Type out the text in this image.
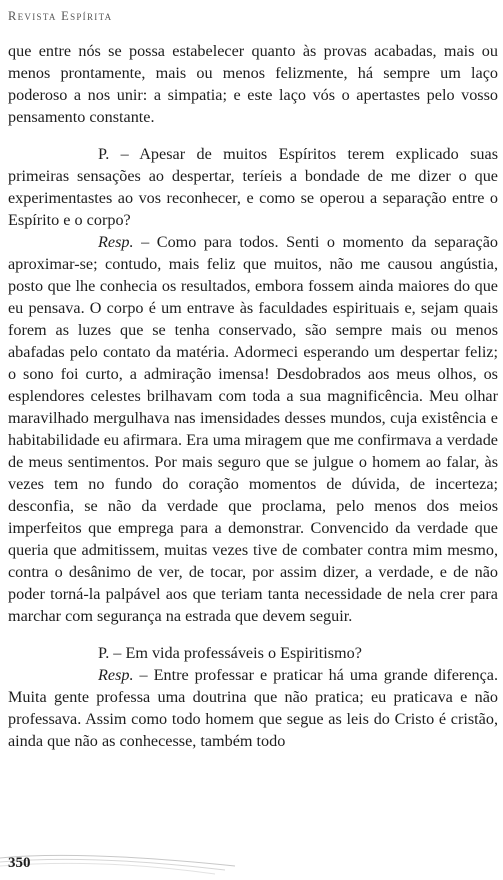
Revista Espírita

que entre nós se possa estabelecer quanto às provas acabadas, mais ou menos prontamente, mais ou menos felizmente, há sempre um laço poderoso a nos unir: a simpatia; e este laço vós o apertastes pelo vosso pensamento constante.

P. – Apesar de muitos Espíritos terem explicado suas primeiras sensações ao despertar, teríeis a bondade de me dizer o que experimentastes ao vos reconhecer, e como se operou a separação entre o Espírito e o corpo?

Resp. – Como para todos. Senti o momento da separação aproximar-se; contudo, mais feliz que muitos, não me causou angústia, posto que lhe conhecia os resultados, embora fossem ainda maiores do que eu pensava. O corpo é um entrave às faculdades espirituais e, sejam quais forem as luzes que se tenha conservado, são sempre mais ou menos abafadas pelo contato da matéria. Adormeci esperando um despertar feliz; o sono foi curto, a admiração imensa! Desdobrados aos meus olhos, os esplendores celestes brilhavam com toda a sua magnificência. Meu olhar maravilhado mergulhava nas imensidades desses mundos, cuja existência e habitabilidade eu afirmara. Era uma miragem que me confirmava a verdade de meus sentimentos. Por mais seguro que se julgue o homem ao falar, às vezes tem no fundo do coração momentos de dúvida, de incerteza; desconfia, se não da verdade que proclama, pelo menos dos meios imperfeitos que emprega para a demonstrar. Convencido da verdade que queria que admitissem, muitas vezes tive de combater contra mim mesmo, contra o desânimo de ver, de tocar, por assim dizer, a verdade, e de não poder torná-la palpável aos que teriam tanta necessidade de nela crer para marchar com segurança na estrada que devem seguir.

P. – Em vida professáveis o Espiritismo?

Resp. – Entre professar e praticar há uma grande diferença. Muita gente professa uma doutrina que não pratica; eu praticava e não professava. Assim como todo homem que segue as leis do Cristo é cristão, ainda que não as conhecesse, também todo

350
